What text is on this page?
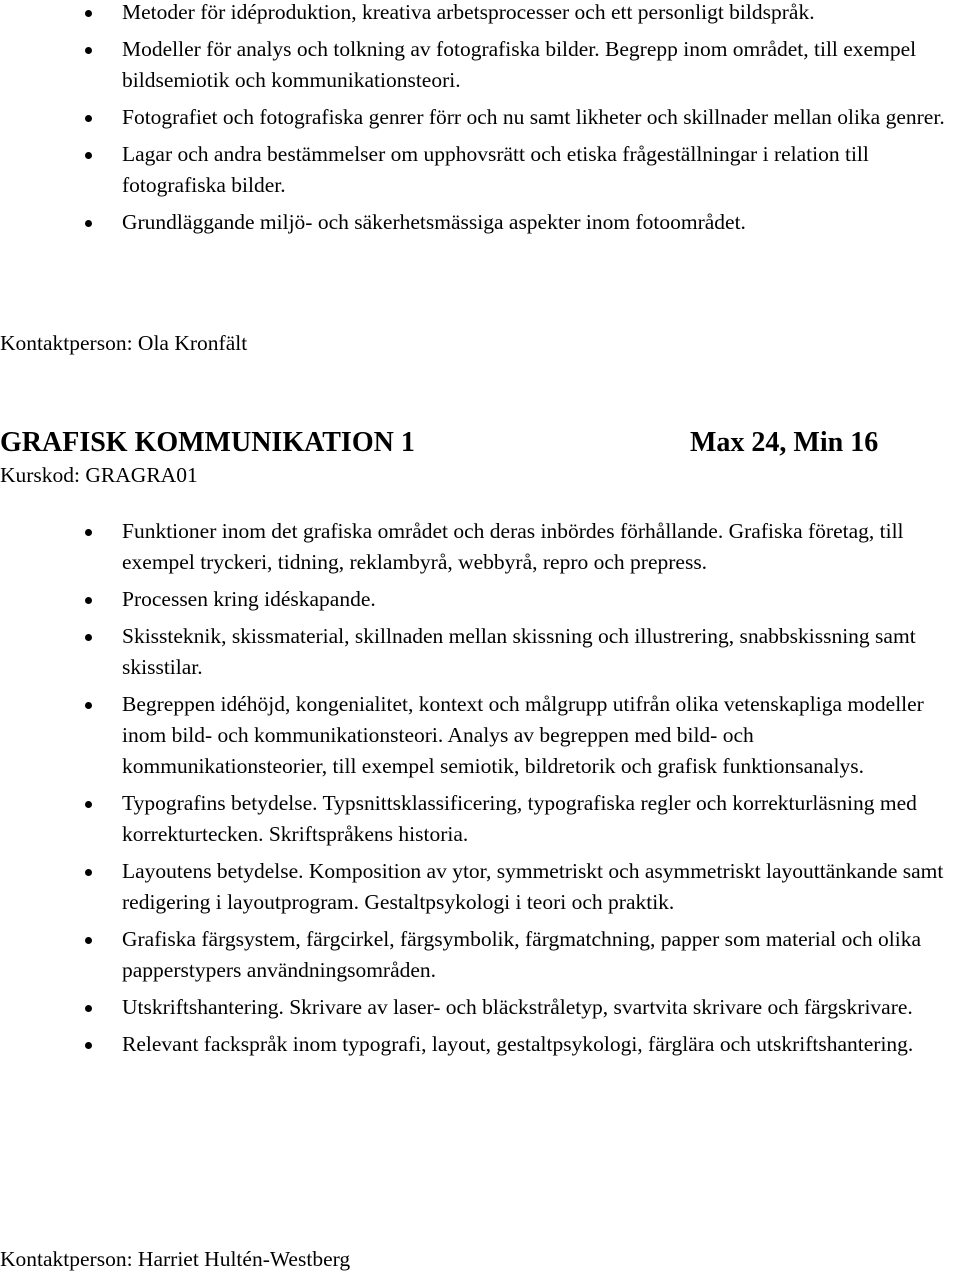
Metoder för idéproduktion, kreativa arbetsprocesser och ett personligt bildspråk.
Modeller för analys och tolkning av fotografiska bilder. Begrepp inom området, till exempel bildsemiotik och kommunikationsteori.
Fotografiet och fotografiska genrer förr och nu samt likheter och skillnader mellan olika genrer.
Lagar och andra bestämmelser om upphovsrätt och etiska frågeställningar i relation till fotografiska bilder.
Grundläggande miljö- och säkerhetsmässiga aspekter inom fotoområdet.
Kontaktperson: Ola Kronfält
GRAFISK KOMMUNIKATION 1	Max 24, Min 16
Kurskod: GRAGRA01
Funktioner inom det grafiska området och deras inbördes förhållande. Grafiska företag, till exempel tryckeri, tidning, reklambyrå, webbyrå, repro och prepress.
Processen kring idéskapande.
Skissteknik, skissmaterial, skillnaden mellan skissning och illustrering, snabbskissning samt skisstilar.
Begreppen idéhöjd, kongenialitet, kontext och målgrupp utifrån olika vetenskapliga modeller inom bild- och kommunikationsteori. Analys av begreppen med bild- och kommunikationsteorier, till exempel semiotik, bildretorik och grafisk funktionsanalys.
Typografins betydelse. Typsnittsklassificering, typografiska regler och korrekturläsning med korrekturtecken. Skriftspråkens historia.
Layoutens betydelse. Komposition av ytor, symmetriskt och asymmetriskt layouttänkande samt redigering i layoutprogram. Gestaltpsykologi i teori och praktik.
Grafiska färgsystem, färgcirkel, färgsymbolik, färgmatchning, papper som material och olika papperstypers användningsområden.
Utskriftshantering. Skrivare av laser- och bläckstråletyp, svartvita skrivare och färgskrivare.
Relevant fackspråk inom typografi, layout, gestaltpsykologi, färglära och utskriftshantering.
Kontaktperson: Harriet Hultén-Westberg
